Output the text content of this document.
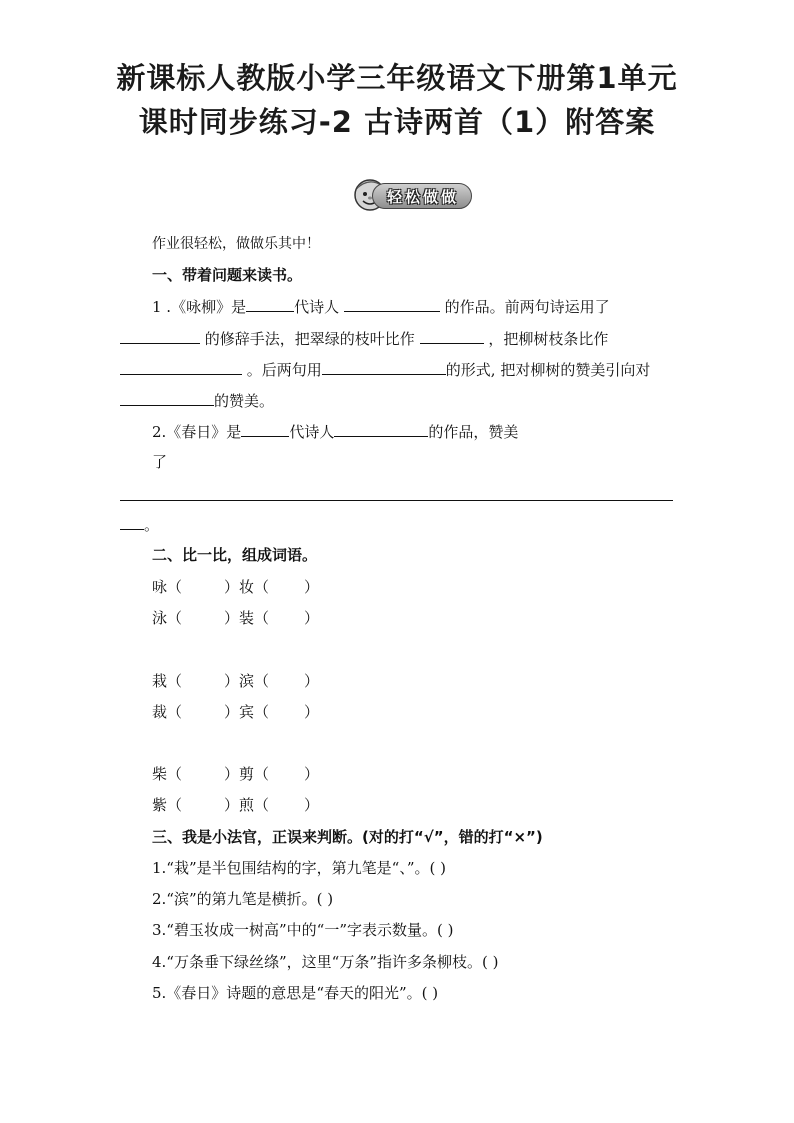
新课标人教版小学三年级语文下册第1单元
课时同步练习-2 古诗两首（1）附答案
轻松做做
作业很轻松，做做乐其中！
一、带着问题来读书。
1 .《咏柳》是	代诗人	的作品。前两句诗运用了
的修辞手法，把翠绿的枝叶比作	，把柳树枝条比作
。后两句用	的形式, 把对柳树的赞美引向对
的赞美。
2.《春日》是	代诗人	的作品，赞美
了
。
二、比一比，组成词语。
咏（	）妆（ ）
泳（	）装（ ）
栽（	）滨（ ）
裁（	）宾（ ）
柴（	）剪（ ）
紫（	）煎（ ）
三、我是小法官，正误来判断。(对的打“√”，错的打“×”)
1.“栽”是半包围结构的字，第九笔是“、”。( )
2.“滨”的第九笔是横折。( )
3.“碧玉妆成一树高”中的“一”字表示数量。( )
4.“万条垂下绿丝绦”，这里“万条”指许多条柳枝。( )
5.《春日》诗题的意思是“春天的阳光”。( )
